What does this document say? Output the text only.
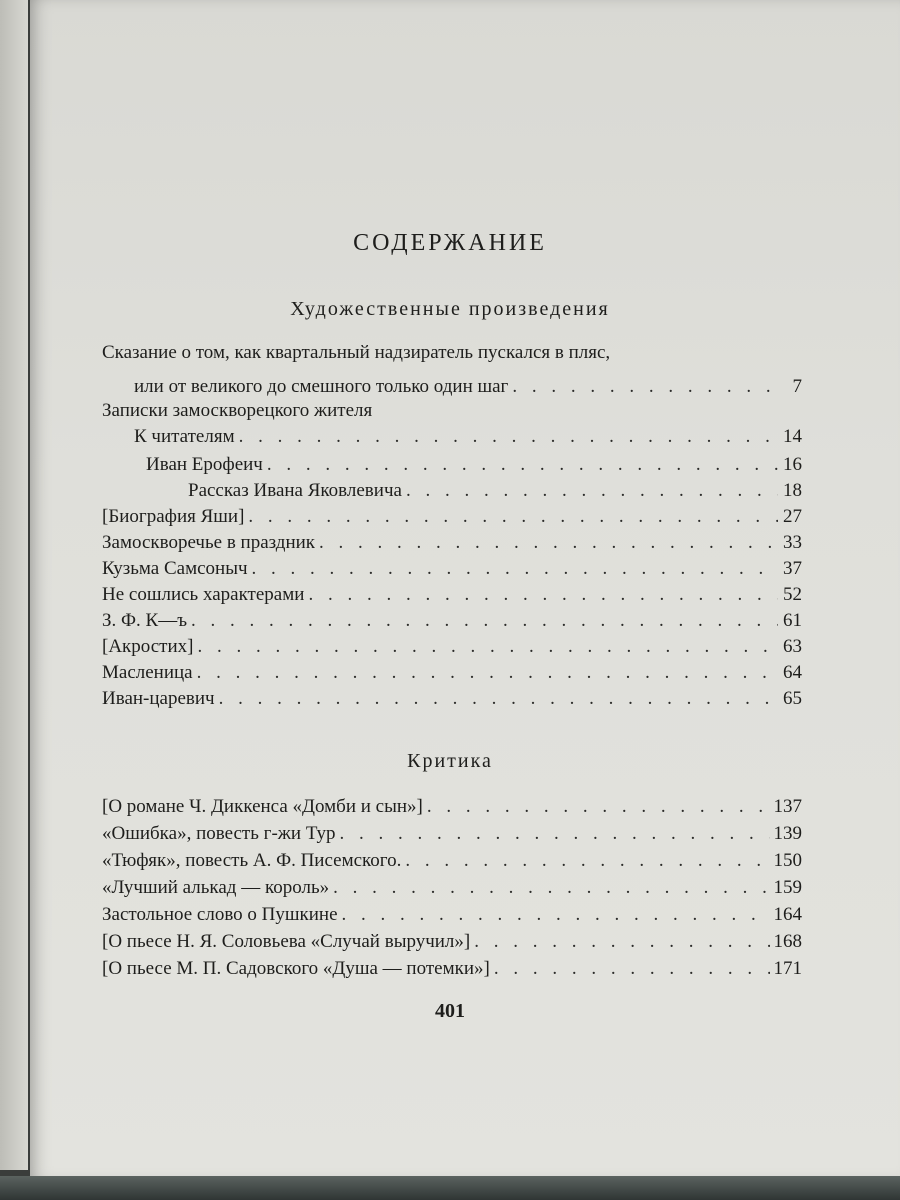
СОДЕРЖАНИЕ
Художественные произведения
Сказание о том, как квартальный надзиратель пускался в пляс,
или от великого до смешного только один шаг . . .	7
Записки замоскворецкого жителя
К читателям . . .	14
Иван Ерофеич . . .	16
Рассказ Ивана Яковлевича . . .	18
[Биография Яши] . . .	27
Замоскворечье в праздник . . .	33
Кузьма Самсоныч . . .	37
Не сошлись характерами . . .	52
З. Ф. К—ъ . . .	61
[Акростих] . . .	63
Масленица . . .	64
Иван-царевич . . .	65
Критика
[О романе Ч. Диккенса «Домби и сын»] . . .	137
«Ошибка», повесть г-жи Тур . . .	139
«Тюфяк», повесть А. Ф. Писемского. . . .	150
«Лучший алькад — король» . . .	159
Застольное слово о Пушкине . . .	164
[О пьесе Н. Я. Соловьева «Случай выручил»] . . .	168
[О пьесе М. П. Садовского «Душа — потемки»] . . .	171
401
